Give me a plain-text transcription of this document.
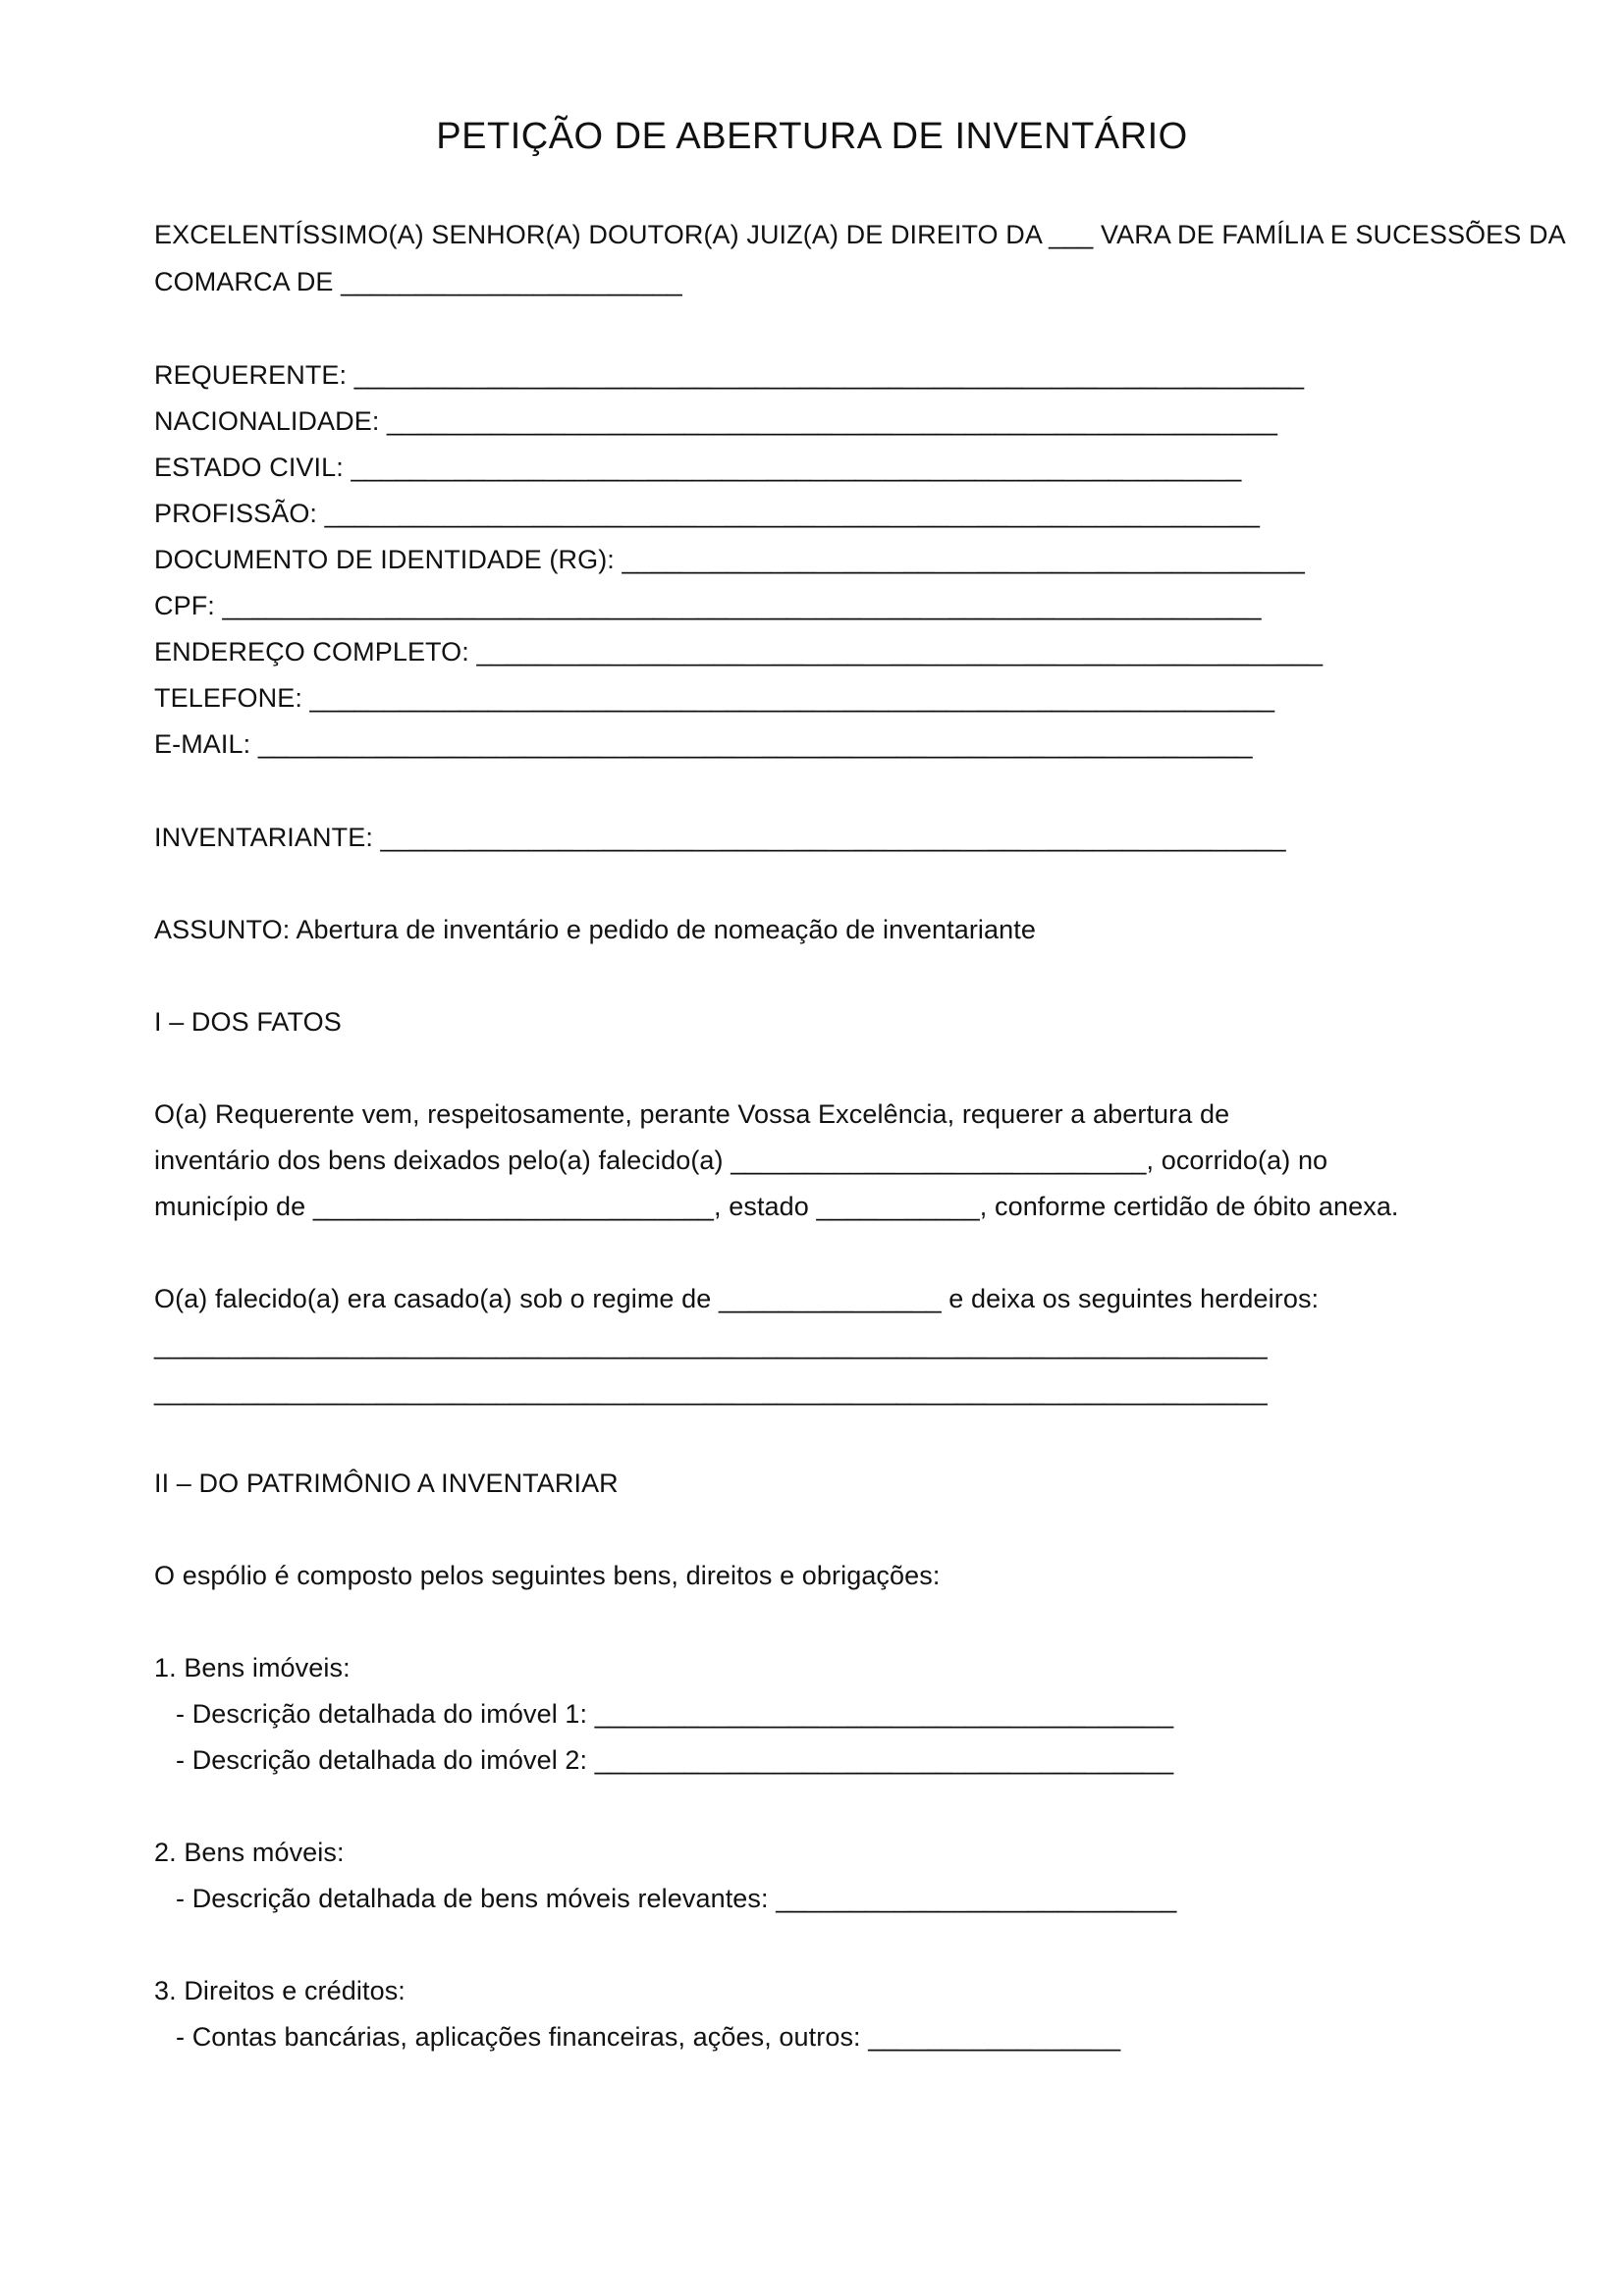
PETIÇÃO DE ABERTURA DE INVENTÁRIO
EXCELENTÍSSIMO(A) SENHOR(A) DOUTOR(A) JUIZ(A) DE DIREITO DA ___ VARA DE FAMÍLIA E SUCESSÕES DA
COMARCA DE _______________________
REQUERENTE: ________________________________________________________________
NACIONALIDADE: ____________________________________________________________
ESTADO CIVIL: ____________________________________________________________
PROFISSÃO: _______________________________________________________________
DOCUMENTO DE IDENTIDADE (RG): ______________________________________________
CPF: ______________________________________________________________________
ENDEREÇO COMPLETO: _________________________________________________________
TELEFONE: _________________________________________________________________
E-MAIL: ___________________________________________________________________
INVENTARIANTE: _____________________________________________________________
ASSUNTO: Abertura de inventário e pedido de nomeação de inventariante
I – DOS FATOS
O(a) Requerente vem, respeitosamente, perante Vossa Excelência, requerer a abertura de
inventário dos bens deixados pelo(a) falecido(a) ____________________________, ocorrido(a) no
município de ___________________________, estado ___________, conforme certidão de óbito anexa.
O(a) falecido(a) era casado(a) sob o regime de _______________ e deixa os seguintes herdeiros:
___________________________________________________________________________
___________________________________________________________________________
II – DO PATRIMÔNIO A INVENTARIAR
O espólio é composto pelos seguintes bens, direitos e obrigações:
1. Bens imóveis:
- Descrição detalhada do imóvel 1: _______________________________________
- Descrição detalhada do imóvel 2: _______________________________________
2. Bens móveis:
- Descrição detalhada de bens móveis relevantes: ___________________________
3. Direitos e créditos:
- Contas bancárias, aplicações financeiras, ações, outros: _________________
